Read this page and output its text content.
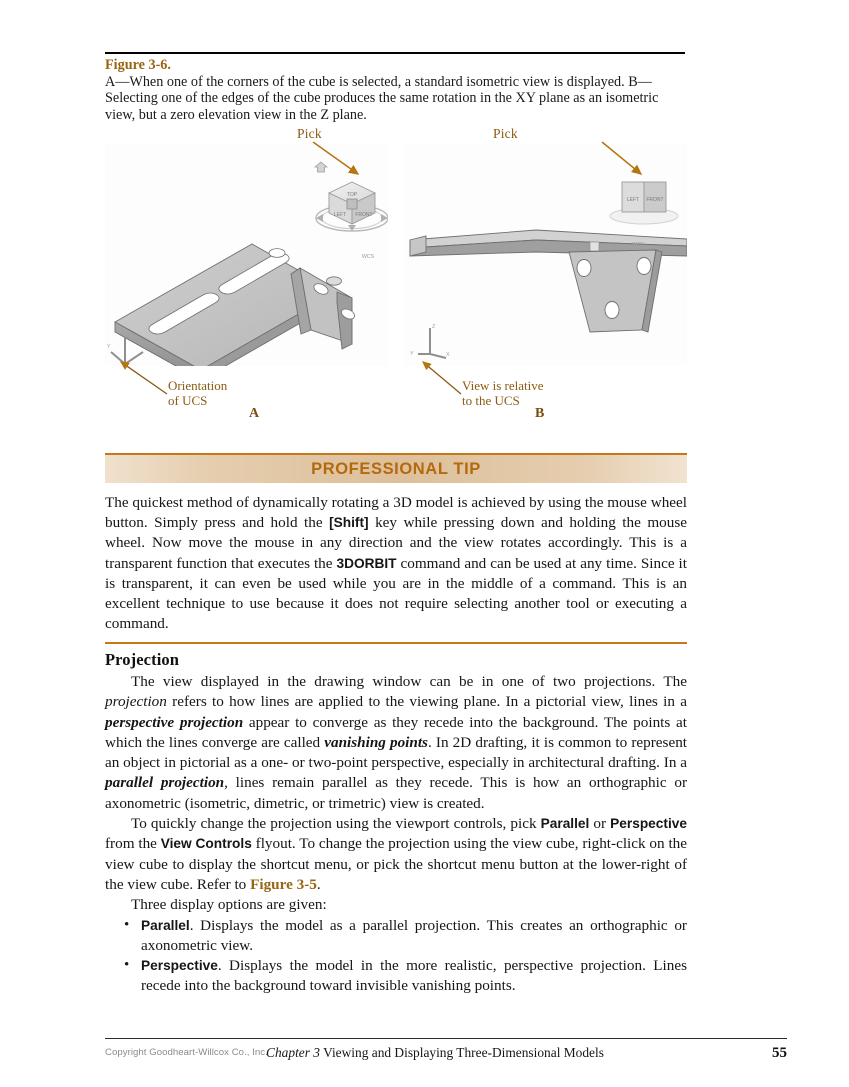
Figure 3-6.
A—When one of the corners of the cube is selected, a standard isometric view is displayed. B—Selecting one of the edges of the cube produces the same rotation in the XY plane as an isometric view, but a zero elevation view in the Z plane.
Pick	Pick
TOP
LEFT FRONT
WCS
Z
X
Y
LEFT FRONT
WCS
Z
X
Y
Orientation
of UCS
View is relative
to the UCS
A	B
PROFESSIONAL TIP
The quickest method of dynamically rotating a 3D model is achieved by using the mouse wheel button. Simply press and hold the [Shift] key while pressing down and holding the mouse wheel. Now move the mouse in any direction and the view rotates accordingly. This is a transparent function that executes the 3DORBIT command and can be used at any time. Since it is transparent, it can even be used while you are in the middle of a command. This is an excellent technique to use because it does not require selecting another tool or executing a command.
Projection

The view displayed in the drawing window can be in one of two projections. The projection refers to how lines are applied to the viewing plane. In a pictorial view, lines in a perspective projection appear to converge as they recede into the background. The points at which the lines converge are called vanishing points. In 2D drafting, it is common to represent an object in pictorial as a one- or two-point perspective, especially in architectural drafting. In a parallel projection, lines remain parallel as they recede. This is how an orthographic or axonometric (isometric, dimetric, or trimetric) view is created.

To quickly change the projection using the viewport controls, pick Parallel or Perspective from the View Controls flyout. To change the projection using the view cube, right-click on the view cube to display the shortcut menu, or pick the shortcut menu button at the lower-right of the view cube. Refer to Figure 3-5.

Three display options are given:

• Parallel. Displays the model as a parallel projection. This creates an orthographic or axonometric view.
• Perspective. Displays the model in the more realistic, perspective projection. Lines recede into the background toward invisible vanishing points.
Copyright Goodheart-Willcox Co., Inc.
Chapter 3 Viewing and Displaying Three-Dimensional Models	55
